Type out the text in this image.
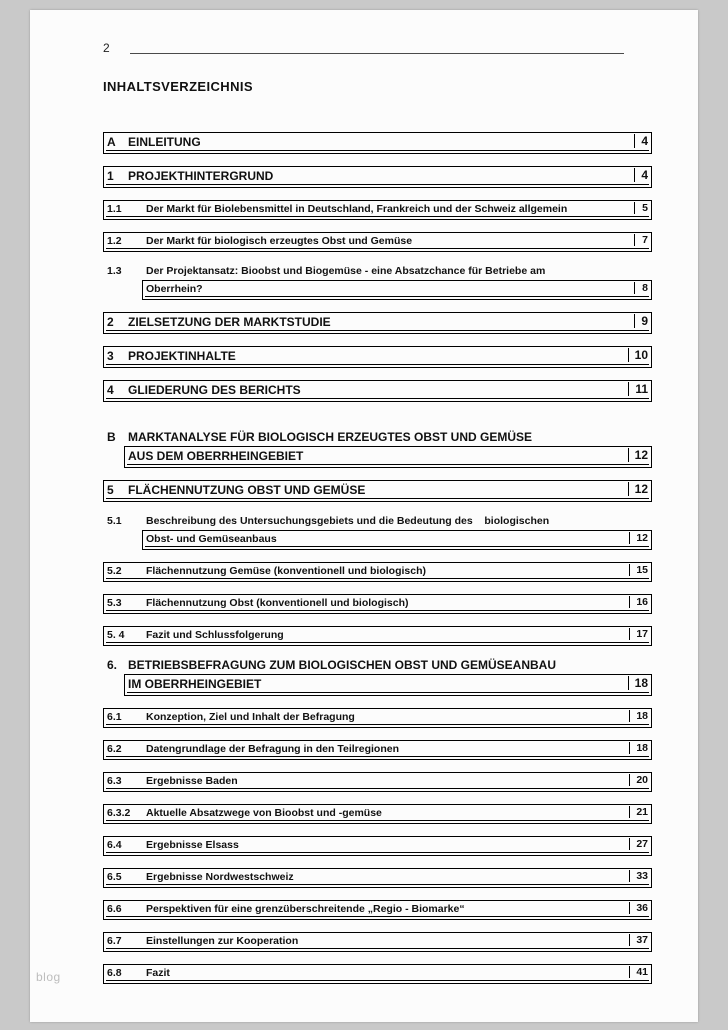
2
INHALTSVERZEICHNIS
A	EINLEITUNG	4
1	PROJEKTHINTERGRUND	4
1.1	Der Markt für Biolebensmittel in Deutschland, Frankreich und der Schweiz allgemein	5
1.2	Der Markt für biologisch erzeugtes Obst und Gemüse	7
1.3	Der Projektansatz: Bioobst und Biogemüse - eine Absatzchance für Betriebe am
Oberrhein?	8
2	ZIELSETZUNG DER MARKTSTUDIE	9
3	PROJEKTINHALTE	10
4	GLIEDERUNG DES BERICHTS	11
B	MARKTANALYSE FÜR BIOLOGISCH ERZEUGTES OBST UND GEMÜSE
AUS DEM OBERRHEINGEBIET	12
5	FLÄCHENNUTZUNG OBST UND GEMÜSE	12
5.1	Beschreibung des Untersuchungsgebiets und die Bedeutung des    biologischen
Obst- und Gemüseanbaus	12
5.2	Flächennutzung Gemüse (konventionell und biologisch)	15
5.3	Flächennutzung Obst (konventionell und biologisch)	16
5. 4	Fazit und Schlussfolgerung	17
6. BETRIEBSBEFRAGUNG ZUM BIOLOGISCHEN OBST UND GEMÜSEANBAU
IM OBERRHEINGEBIET	18
6.1	Konzeption, Ziel und Inhalt der Befragung	18
6.2	Datengrundlage der Befragung in den Teilregionen	18
6.3	Ergebnisse Baden	20
6.3.2	Aktuelle Absatzwege von Bioobst und -gemüse	21
6.4	Ergebnisse Elsass	27
6.5	Ergebnisse Nordwestschweiz	33
6.6	Perspektiven für eine grenzüberschreitende „Regio - Biomarke“	36
6.7	Einstellungen zur Kooperation	37
6.8	Fazit	41
blog
